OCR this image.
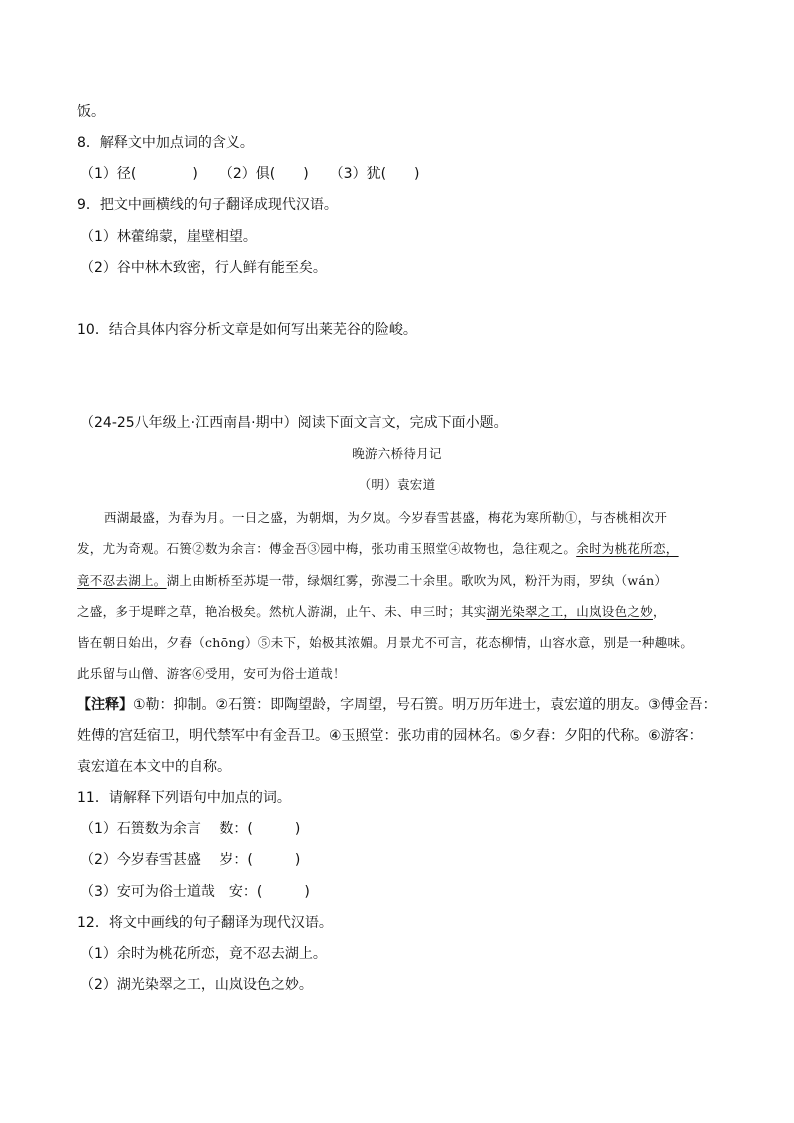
饭。
8．解释文中加点词的含义。
（1）径(　　　　)　　（2）俱(　　)　　（3）犹(　　)
9．把文中画横线的句子翻译成现代汉语。
（1）林藿绵蒙，崖壁相望。
（2）谷中林木致密，行人鲜有能至矣。
10．结合具体内容分析文章是如何写出莱芜谷的险峻。
（24-25八年级上·江西南昌·期中）阅读下面文言文，完成下面小题。
晚游六桥待月记
（明）袁宏道
西湖最盛，为春为月。一日之盛，为朝烟，为夕岚。今岁春雪甚盛，梅花为寒所勒①，与杏桃相次开
发，尤为奇观。石篑②数为余言：傅金吾③园中梅，张功甫玉照堂④故物也，急往观之。余时为桃花所恋，
竟不忍去湖上。湖上由断桥至苏堤一带，绿烟红雾，弥漫二十余里。歌吹为风，粉汗为雨，罗纨（wán）
之盛，多于堤畔之草，艳冶极矣。然杭人游湖，止午、未、申三时；其实湖光染翠之工，山岚设色之妙，
皆在朝日始出，夕舂（chōng）⑤未下，始极其浓媚。月景尤不可言，花态柳情，山容水意，别是一种趣味。
此乐留与山僧、游客⑥受用，安可为俗士道哉！
【注释】①勒：抑制。②石篑：即陶望龄，字周望，号石篑。明万历年进士，袁宏道的朋友。③傅金吾：
姓傅的宫廷宿卫，明代禁军中有金吾卫。④玉照堂：张功甫的园林名。⑤夕舂：夕阳的代称。⑥游客：
袁宏道在本文中的自称。
11．请解释下列语句中加点的词。
（1）石篑数为余言　 数：(　　　)
（2）今岁春雪甚盛　 岁：(　　　)
（3）安可为俗士道哉　安：(　　　)
12．将文中画线的句子翻译为现代汉语。
（1）余时为桃花所恋，竟不忍去湖上。
（2）湖光染翠之工，山岚设色之妙。
